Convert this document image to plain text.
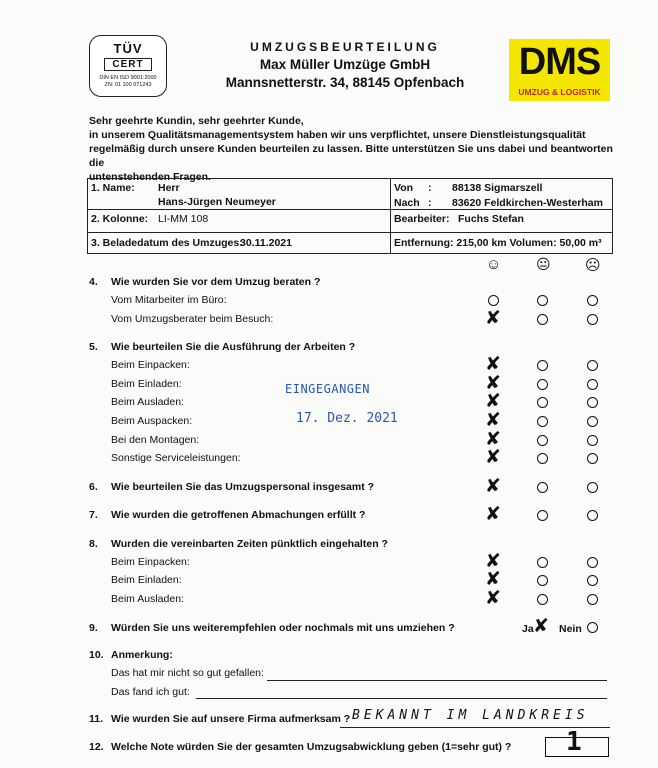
TÜV
CERT
DIN EN ISO 9001:2000
ZN: 01 100 071243
UMZUGSBEURTEILUNG
Max Müller Umzüge GmbH
Mannsnetterstr. 34, 88145 Opfenbach	DMS
UMZUG & LOGISTIK
Sehr geehrte Kundin, sehr geehrter Kunde,
in unserem Qualitätsmanagementsystem haben wir uns verpflichtet, unsere Dienstleistungsqualität
regelmäßig durch unsere Kunden beurteilen zu lassen. Bitte unterstützen Sie uns dabei und beantworten die
untenstehenden Fragen.
1. Name: Herr
Hans-Jürgen Neumeyer
2. Kolonne: LI-MM 108
3. Beladedatum des Umzuges:
30.11.2021
Von : 88138 Sigmarszell
Nach : 83620 Feldkirchen-Westerham
Bearbeiter: Fuchs Stefan
Entfernung: 215,00 km Volumen: 50,00 m³
☺ 😐 ☹
EINGEGANGEN
17. Dez. 2021
4. Wie wurden Sie vor dem Umzug beraten ?
Vom Mitarbeiter im Büro:
Vom Umzugsberater beim Besuch:
5. Wie beurteilen Sie die Ausführung der Arbeiten ?
Beim Einpacken:
Beim Einladen:
Beim Ausladen:
Beim Auspacken:
Bei den Montagen:
Sonstige Serviceleistungen:
6. Wie beurteilen Sie das Umzugspersonal insgesamt ?
7. Wie wurden die getroffenen Abmachungen erfüllt ?
8. Wurden die vereinbarten Zeiten pünktlich eingehalten ?
Beim Einpacken:
Beim Einladen:
Beim Ausladen:
9. Würden Sie uns weiterempfehlen oder nochmals mit uns umziehen ?	Ja Nein
10. Anmerkung:
Das hat mir nicht so gut gefallen:
Das fand ich gut:
11. Wie wurden Sie auf unsere Firma aufmerksam ? BEKANNT IM LANDKREIS
12. Welche Note würden Sie der gesamten Umzugsabwicklung geben (1=sehr gut) ? 1
✘
✘
✘
✘
✘
✘
✘
✘
✘
✘
✘
✘
✘
